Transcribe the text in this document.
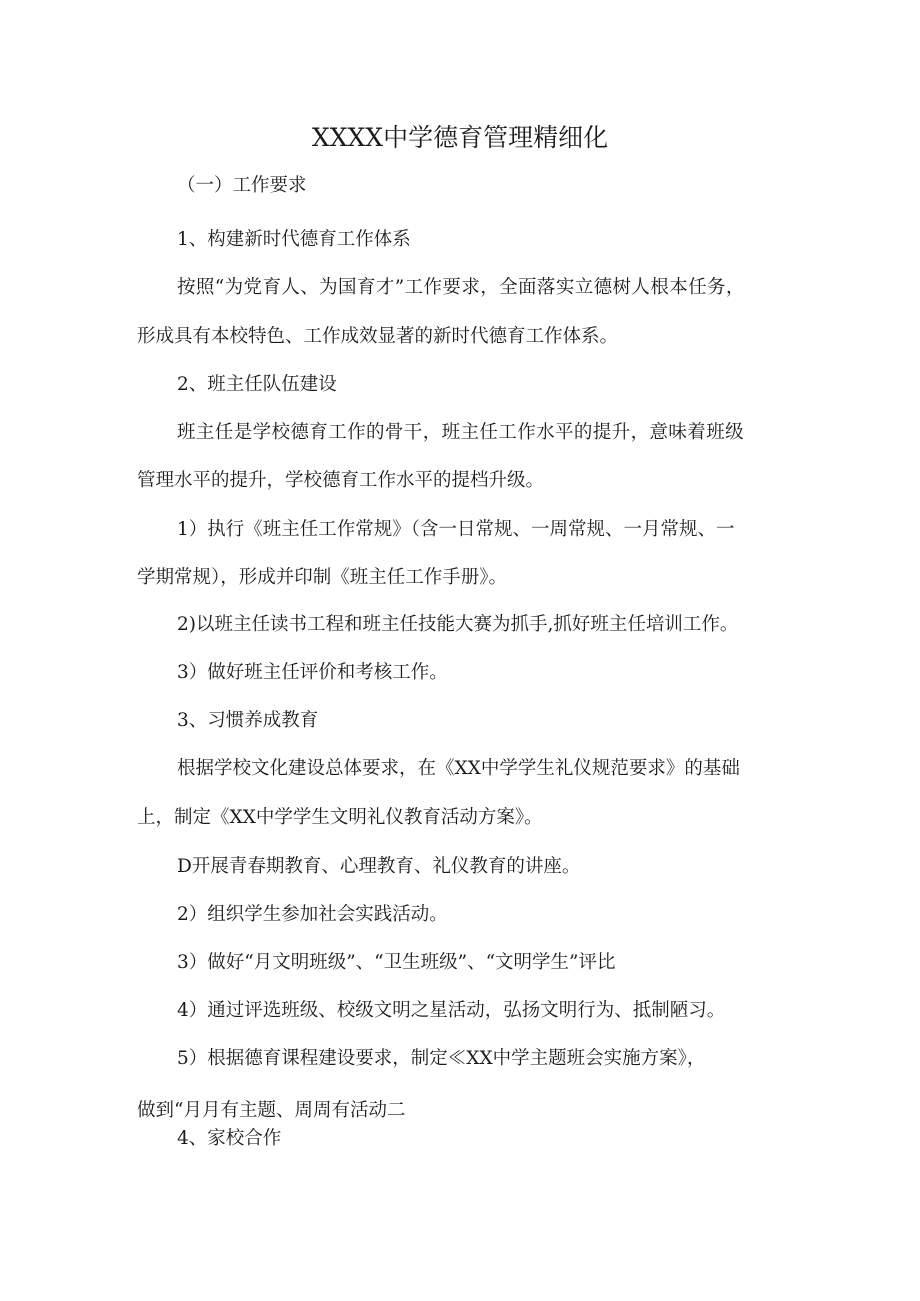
XXXX中学德育管理精细化

（一）工作要求

1、构建新时代德育工作体系

按照“为党育人、为国育才”工作要求，全面落实立德树人根本任务，

形成具有本校特色、工作成效显著的新时代德育工作体系。

2、班主任队伍建设

班主任是学校德育工作的骨干，班主任工作水平的提升，意味着班级

管理水平的提升，学校德育工作水平的提档升级。

1）执行《班主任工作常规》（含一日常规、一周常规、一月常规、一

学期常规），形成并印制《班主任工作手册》。

2)以班主任读书工程和班主任技能大赛为抓手,抓好班主任培训工作。

3）做好班主任评价和考核工作。

3、习惯养成教育

根据学校文化建设总体要求，在《XX中学学生礼仪规范要求》的基础

上，制定《XX中学学生文明礼仪教育活动方案》。

D开展青春期教育、心理教育、礼仪教育的讲座。

2）组织学生参加社会实践活动。

3）做好“月文明班级”、“卫生班级”、“文明学生”评比

4）通过评选班级、校级文明之星活动，弘扬文明行为、抵制陋习。

5）根据德育课程建设要求，制定≪XX中学主题班会实施方案》，

做到“月月有主题、周周有活动二

4、家校合作
